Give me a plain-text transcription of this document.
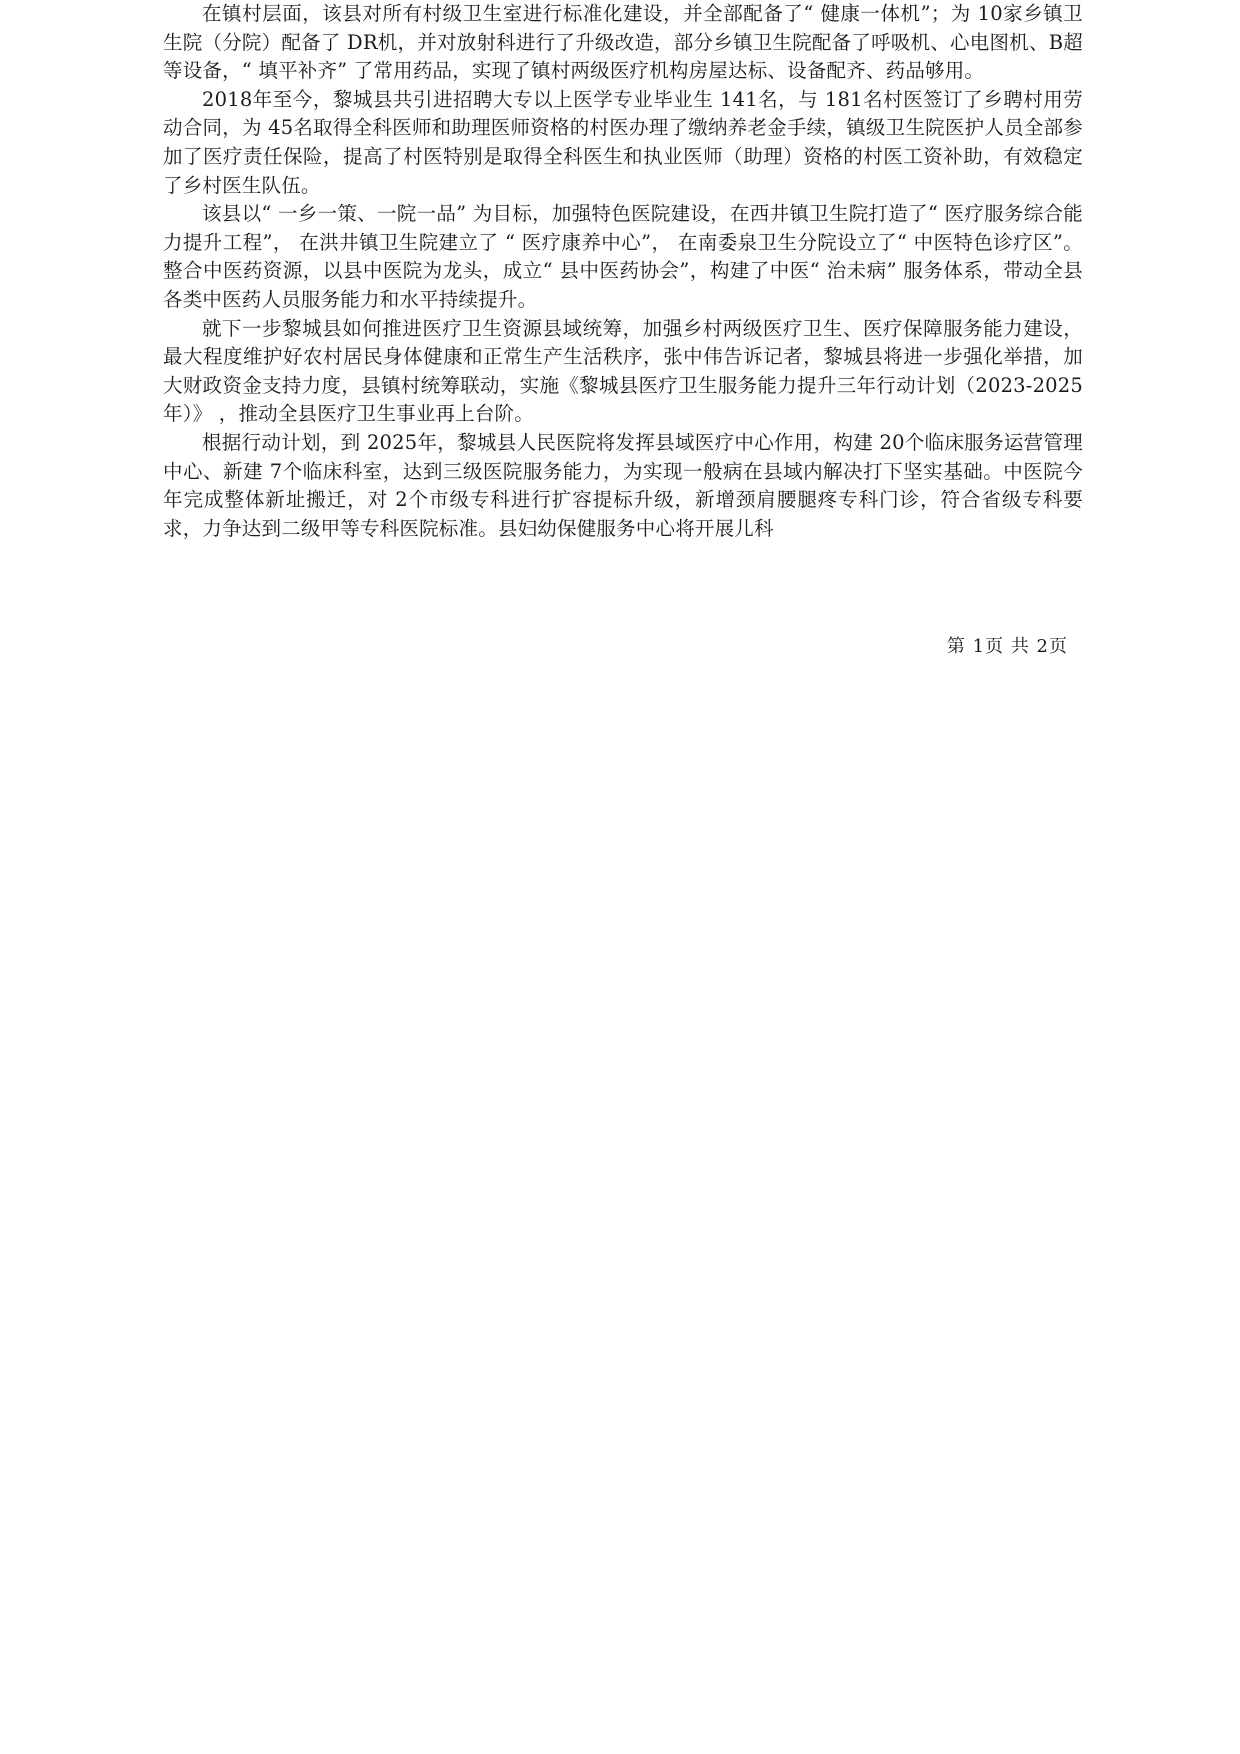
在镇村层面，该县对所有村级卫生室进行标准化建设，并全部配备了“ 健康一体机”；为 10家乡镇卫生院（分院）配备了 DR机，并对放射科进行了升级改造，部分乡镇卫生院配备了呼吸机、心电图机、B超等设备，“ 填平补齐” 了常用药品，实现了镇村两级医疗机构房屋达标、设备配齐、药品够用。

2018年至今，黎城县共引进招聘大专以上医学专业毕业生 141名，与 181名村医签订了乡聘村用劳动合同，为 45名取得全科医师和助理医师资格的村医办理了缴纳养老金手续，镇级卫生院医护人员全部参加了医疗责任保险，提高了村医特别是取得全科医生和执业医师（助理）资格的村医工资补助，有效稳定了乡村医生队伍。

该县以“ 一乡一策、一院一品” 为目标，加强特色医院建设，在西井镇卫生院打造了“ 医疗服务综合能力提升工程”， 在洪井镇卫生院建立了 “ 医疗康养中心”， 在南委泉卫生分院设立了“ 中医特色诊疗区”。整合中医药资源，以县中医院为龙头，成立“ 县中医药协会”，构建了中医“ 治未病” 服务体系，带动全县各类中医药人员服务能力和水平持续提升。

就下一步黎城县如何推进医疗卫生资源县域统筹，加强乡村两级医疗卫生、医疗保障服务能力建设，最大程度维护好农村居民身体健康和正常生产生活秩序，张中伟告诉记者，黎城县将进一步强化举措，加大财政资金支持力度，县镇村统筹联动，实施《黎城县医疗卫生服务能力提升三年行动计划（2023-2025年）》 ，推动全县医疗卫生事业再上台阶。

根据行动计划，到 2025年，黎城县人民医院将发挥县域医疗中心作用，构建 20个临床服务运营管理中心、新建 7个临床科室，达到三级医院服务能力，为实现一般病在县域内解决打下坚实基础。中医院今年完成整体新址搬迁，对 2个市级专科进行扩容提标升级，新增颈肩腰腿疼专科门诊，符合省级专科要求，力争达到二级甲等专科医院标准。县妇幼保健服务中心将开展儿科

第 1页 共 2页
